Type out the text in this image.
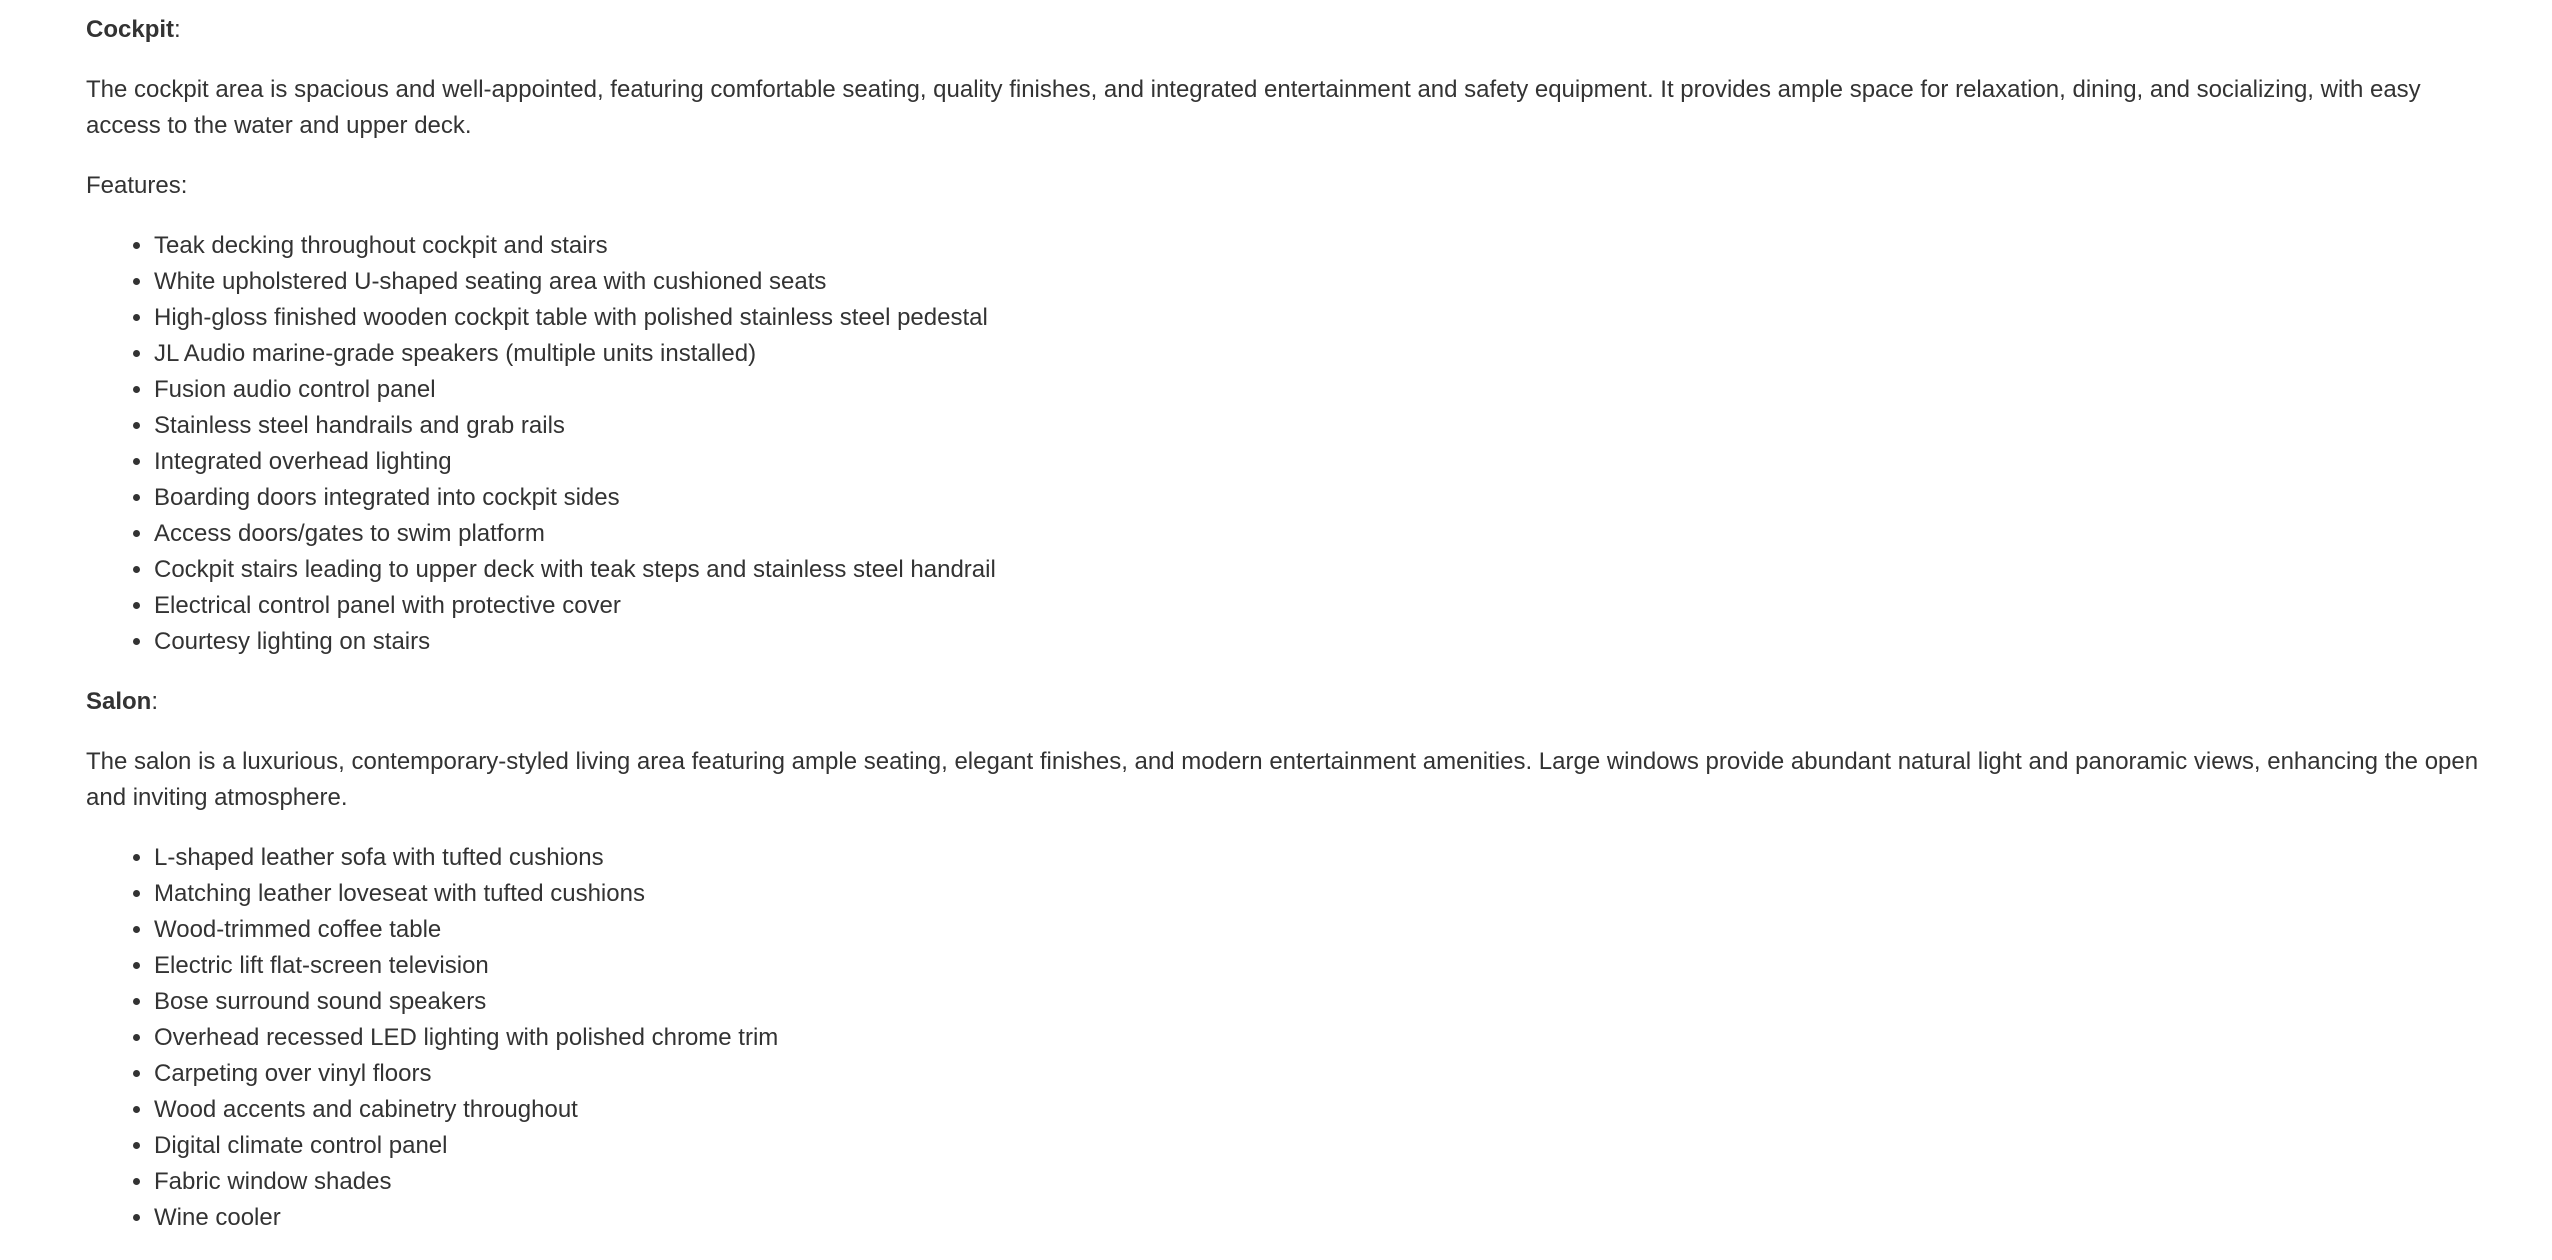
Cockpit:

The cockpit area is spacious and well-appointed, featuring comfortable seating, quality finishes, and integrated entertainment and safety equipment. It provides ample space for relaxation, dining, and socializing, with easy access to the water and upper deck.

Features:

• Teak decking throughout cockpit and stairs
• White upholstered U-shaped seating area with cushioned seats
• High-gloss finished wooden cockpit table with polished stainless steel pedestal
• JL Audio marine-grade speakers (multiple units installed)
• Fusion audio control panel
• Stainless steel handrails and grab rails
• Integrated overhead lighting
• Boarding doors integrated into cockpit sides
• Access doors/gates to swim platform
• Cockpit stairs leading to upper deck with teak steps and stainless steel handrail
• Electrical control panel with protective cover
• Courtesy lighting on stairs
Salon:

The salon is a luxurious, contemporary-styled living area featuring ample seating, elegant finishes, and modern entertainment amenities. Large windows provide abundant natural light and panoramic views, enhancing the open and inviting atmosphere.

• L-shaped leather sofa with tufted cushions
• Matching leather loveseat with tufted cushions
• Wood-trimmed coffee table
• Electric lift flat-screen television
• Bose surround sound speakers
• Overhead recessed LED lighting with polished chrome trim
• Carpeting over vinyl floors
• Wood accents and cabinetry throughout
• Digital climate control panel
• Fabric window shades
• Wine cooler
